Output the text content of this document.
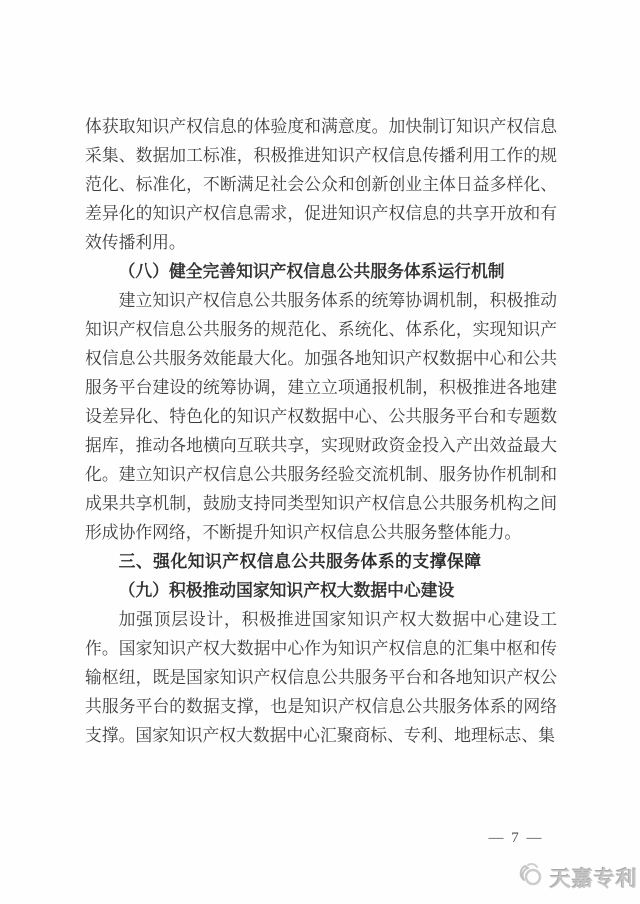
体获取知识产权信息的体验度和满意度。加快制订知识产权信息采集、数据加工标准，积极推进知识产权信息传播利用工作的规范化、标准化，不断满足社会公众和创新创业主体日益多样化、差异化的知识产权信息需求，促进知识产权信息的共享开放和有效传播利用。

（八）健全完善知识产权信息公共服务体系运行机制

建立知识产权信息公共服务体系的统筹协调机制，积极推动知识产权信息公共服务的规范化、系统化、体系化，实现知识产权信息公共服务效能最大化。加强各地知识产权数据中心和公共服务平台建设的统筹协调，建立立项通报机制，积极推进各地建设差异化、特色化的知识产权数据中心、公共服务平台和专题数据库，推动各地横向互联共享，实现财政资金投入产出效益最大化。建立知识产权信息公共服务经验交流机制、服务协作机制和成果共享机制，鼓励支持同类型知识产权信息公共服务机构之间形成协作网络，不断提升知识产权信息公共服务整体能力。

三、强化知识产权信息公共服务体系的支撑保障
（九）积极推动国家知识产权大数据中心建设

加强顶层设计，积极推进国家知识产权大数据中心建设工作。国家知识产权大数据中心作为知识产权信息的汇集中枢和传输枢纽，既是国家知识产权信息公共服务平台和各地知识产权公共服务平台的数据支撑，也是知识产权信息公共服务体系的网络支撑。国家知识产权大数据中心汇聚商标、专利、地理标志、集

— 7 —
天嘉专利
